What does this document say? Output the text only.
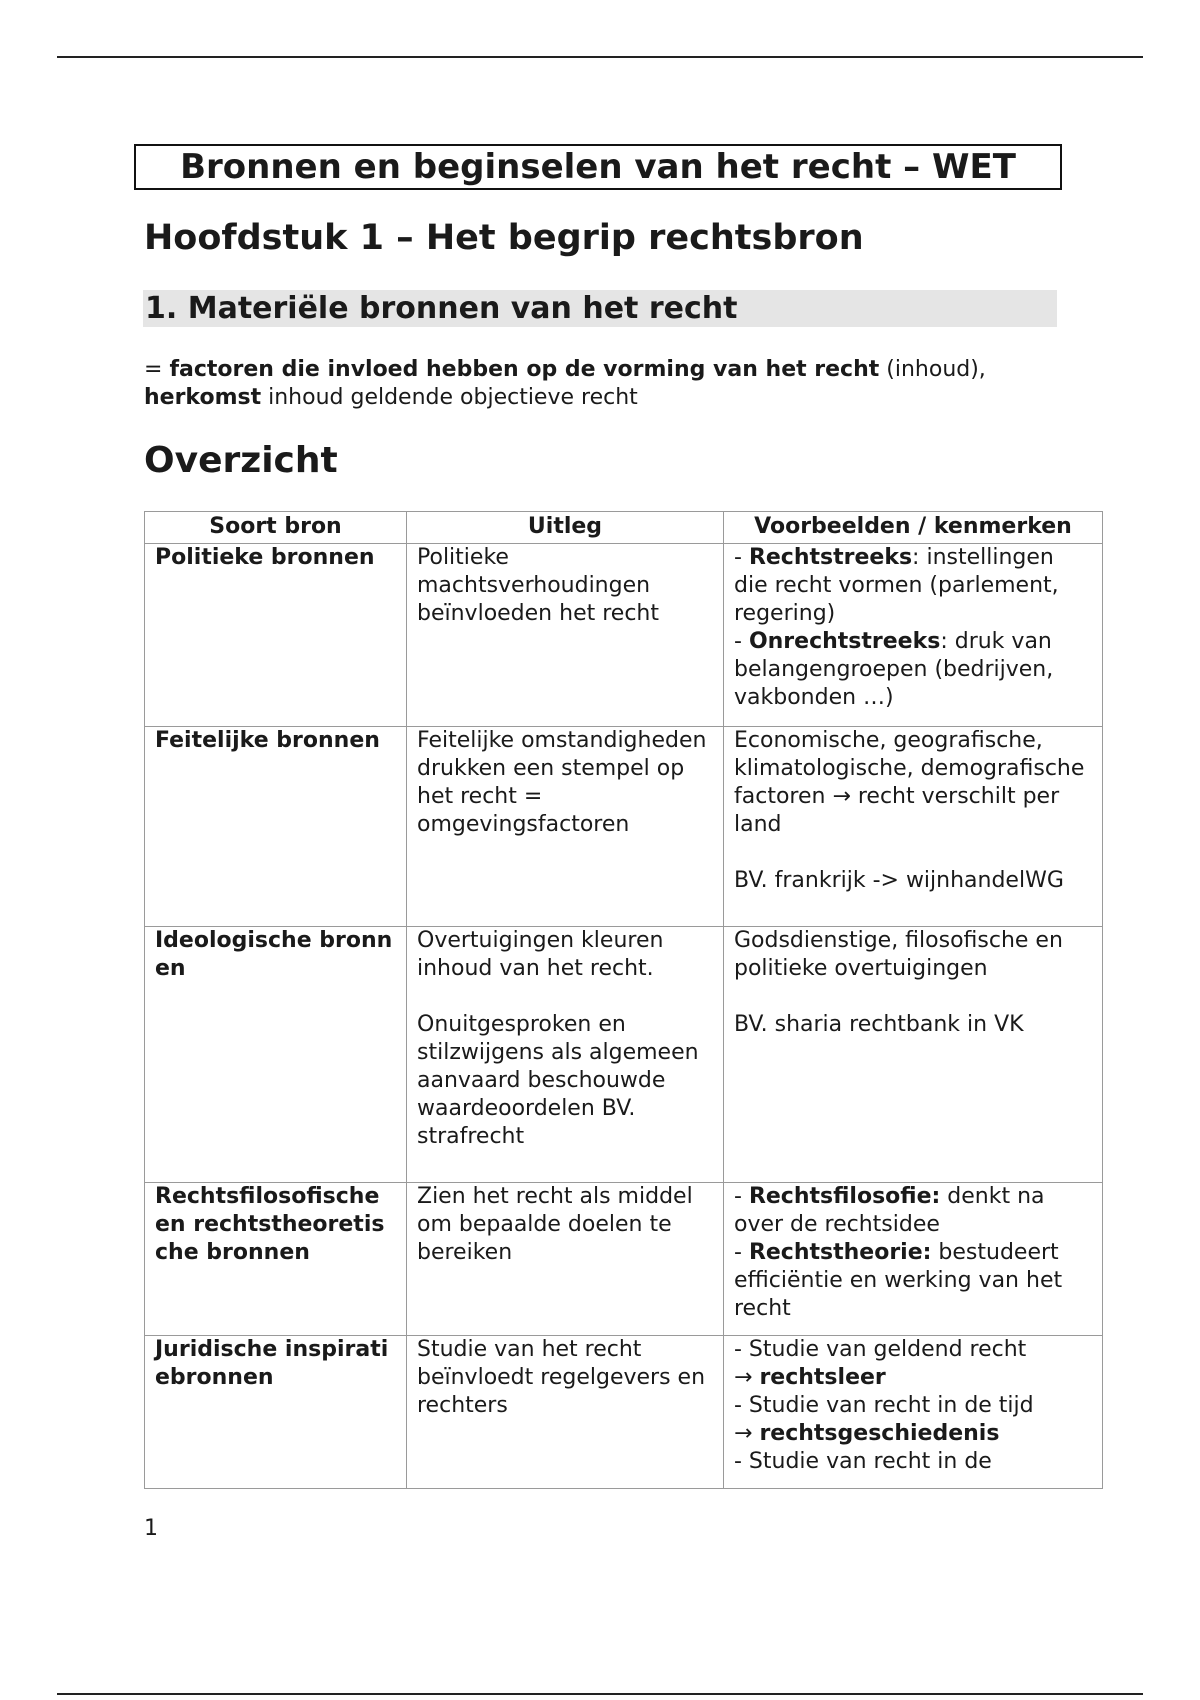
Bronnen en beginselen van het recht – WET
Hoofdstuk 1 – Het begrip rechtsbron
1. Materiële bronnen van het recht
= factoren die invloed hebben op de vorming van het recht (inhoud), herkomst inhoud geldende objectieve recht
Overzicht
Soort bron	Uitleg	Voorbeelden / kenmerken
Politieke bronnen	Politieke machtsverhoudingen beïnvloeden het recht	- Rechtstreeks: instellingen die recht vormen (parlement, regering)
- Onrechtstreeks: druk van belangengroepen (bedrijven, vakbonden …)

Feitelijke bronnen	Feitelijke omstandigheden drukken een stempel op het recht = omgevingsfactoren	Economische, geografische, klimatologische, demografische factoren → recht verschilt per land
BV. frankrijk -> wijnhandelWG

Ideologische bronnen	Overtuigingen kleuren inhoud van het recht.
Onuitgesproken en stilzwijgens als algemeen aanvaard beschouwde waardeoordelen BV. strafrecht	Godsdienstige, filosofische en politieke overtuigingen
BV. sharia rechtbank in VK

Rechtsfilosofische en rechtstheoretische bronnen	Zien het recht als middel om bepaalde doelen te bereiken	- Rechtsfilosofie: denkt na over de rechtsidee
- Rechtstheorie: bestudeert efficiëntie en werking van het recht

Juridische inspiratiebronnen	Studie van het recht beïnvloedt regelgevers en rechters	- Studie van geldend recht
→ rechtsleer
- Studie van recht in de tijd
→ rechtsgeschiedenis
- Studie van recht in de
1
